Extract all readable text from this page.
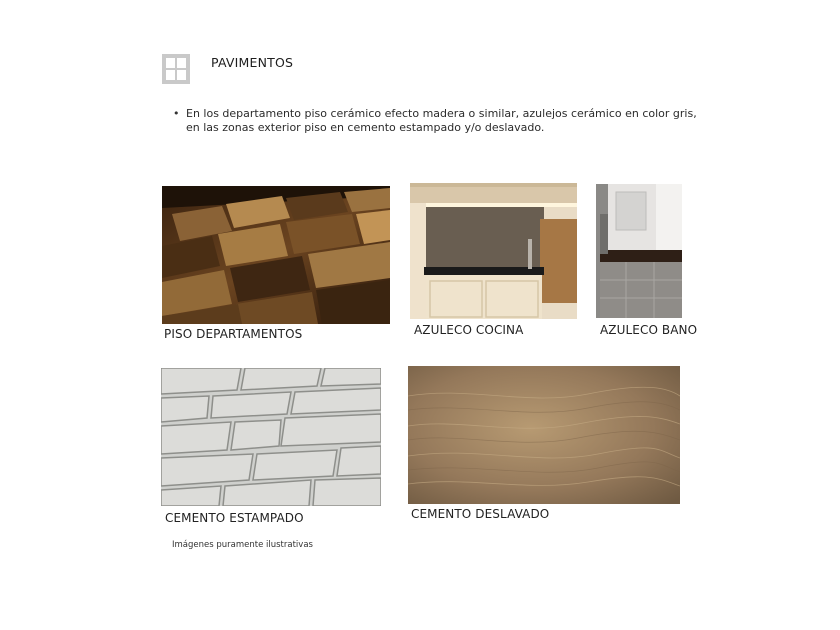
PAVIMENTOS
• En los departamento piso cerámico efecto madera o similar, azulejos cerámico en color gris, en las zonas exterior piso en cemento estampado y/o deslavado.
PISO DEPARTAMENTOS	AZULECO COCINA	AZULECO BANO
CEMENTO ESTAMPADO	CEMENTO DESLAVADO
Imágenes puramente ilustrativas
